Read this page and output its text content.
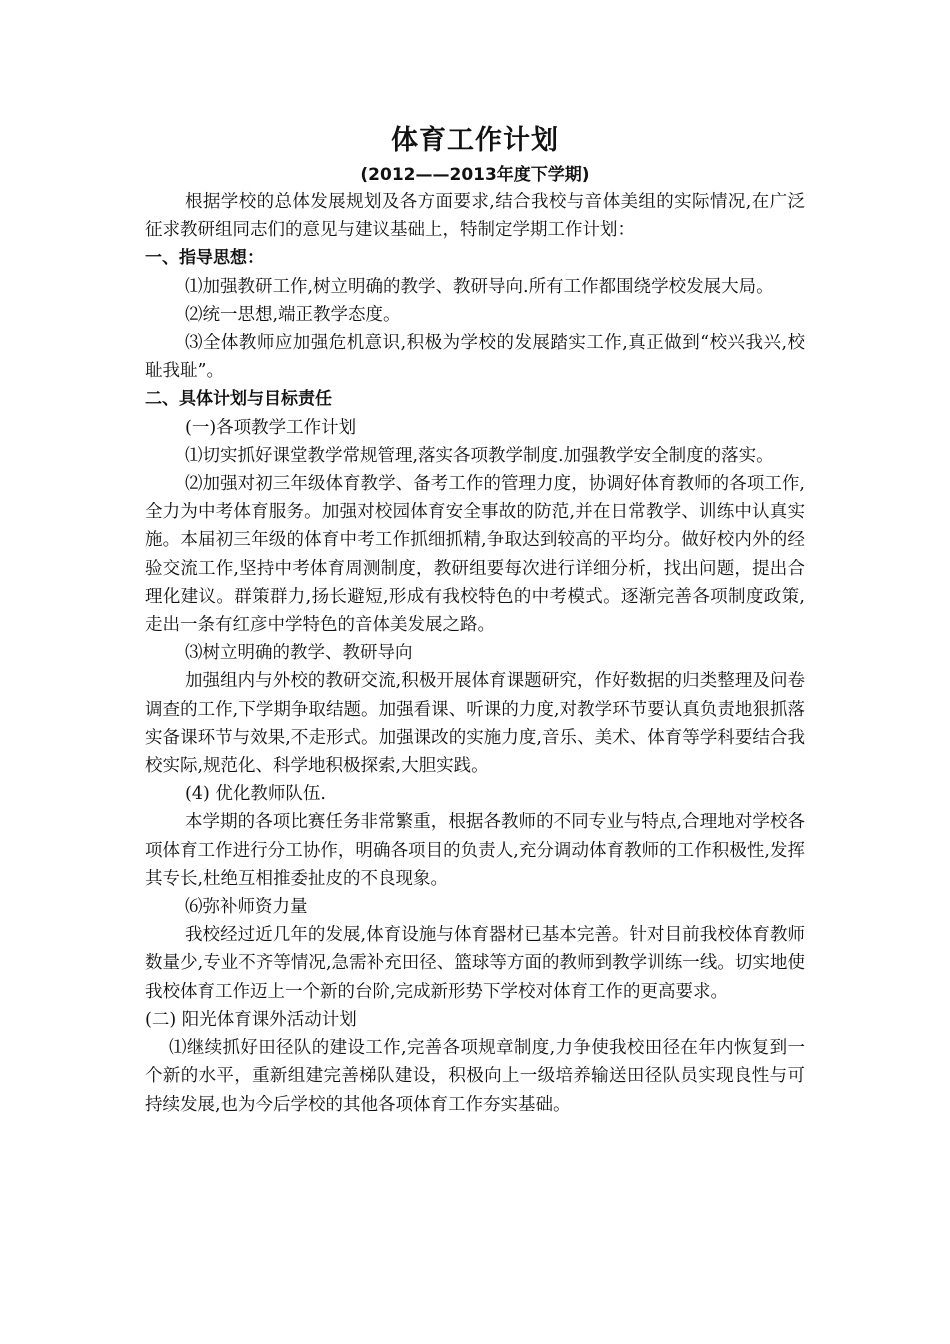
体育工作计划
(2012——2013年度下学期)

根据学校的总体发展规划及各方面要求,结合我校与音体美组的实际情况,在广泛征求教研组同志们的意见与建议基础上，特制定学期工作计划：

一、指导思想：

⑴加强教研工作,树立明确的教学、教研导向.所有工作都围绕学校发展大局。

⑵统一思想,端正教学态度。

⑶全体教师应加强危机意识,积极为学校的发展踏实工作,真正做到“校兴我兴,校耻我耻”。

二、具体计划与目标责任

(一)各项教学工作计划

⑴切实抓好课堂教学常规管理,落实各项教学制度.加强教学安全制度的落实。

⑵加强对初三年级体育教学、备考工作的管理力度，协调好体育教师的各项工作,全力为中考体育服务。加强对校园体育安全事故的防范,并在日常教学、训练中认真实施。本届初三年级的体育中考工作抓细抓精,争取达到较高的平均分。做好校内外的经验交流工作,坚持中考体育周测制度，教研组要每次进行详细分析，找出问题，提出合理化建议。群策群力,扬长避短,形成有我校特色的中考模式。逐渐完善各项制度政策,走出一条有红彦中学特色的音体美发展之路。

⑶树立明确的教学、教研导向

加强组内与外校的教研交流,积极开展体育课题研究，作好数据的归类整理及问卷调查的工作,下学期争取结题。加强看课、听课的力度,对教学环节要认真负责地狠抓落实备课环节与效果,不走形式。加强课改的实施力度,音乐、美术、体育等学科要结合我校实际,规范化、科学地积极探索,大胆实践。

(4) 优化教师队伍.

本学期的各项比赛任务非常繁重，根据各教师的不同专业与特点,合理地对学校各项体育工作进行分工协作，明确各项目的负责人,充分调动体育教师的工作积极性,发挥其专长,杜绝互相推委扯皮的不良现象。

⑹弥补师资力量

我校经过近几年的发展,体育设施与体育器材已基本完善。针对目前我校体育教师数量少,专业不齐等情况,急需补充田径、篮球等方面的教师到教学训练一线。切实地使我校体育工作迈上一个新的台阶,完成新形势下学校对体育工作的更高要求。

(二) 阳光体育课外活动计划

⑴继续抓好田径队的建设工作,完善各项规章制度,力争使我校田径在年内恢复到一个新的水平，重新组建完善梯队建设，积极向上一级培养输送田径队员实现良性与可持续发展,也为今后学校的其他各项体育工作夯实基础。
